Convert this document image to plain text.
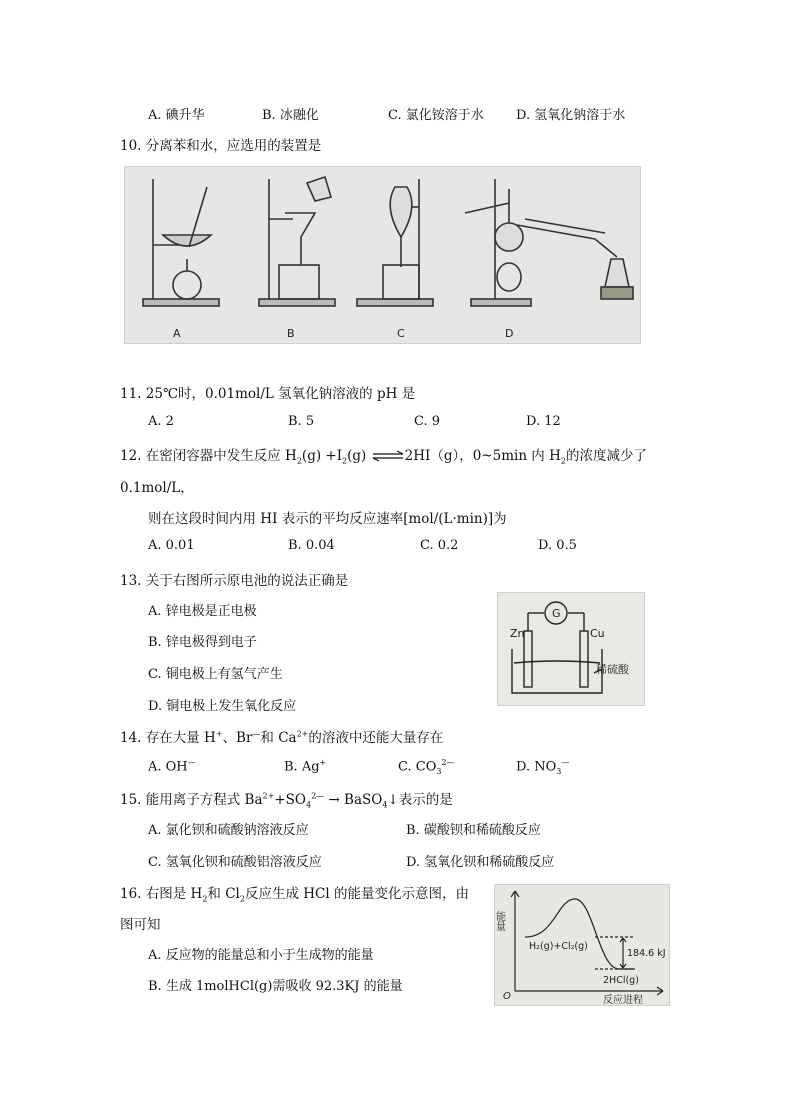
A. 碘升华	B. 冰融化	C. 氯化铵溶于水 D. 氢氧化钠溶于水
10. 分离苯和水，应选用的装置是
A	B	C	D
11. 25℃时，0.01mol/L 氢氧化钠溶液的 pH 是
A. 2	B. 5	C. 9	D. 12
12. 在密闭容器中发生反应 $H_2(g) +I_2(g)$ ⇌2HI（g），0~5min 内 $H_2$的浓度减少了
0.1mol/L，
则在这段时间内用 HI 表示的平均反应速率[mol/(L·min)]为
A. 0.01	B. 0.04	C. 0.2	D. 0.5
13. 关于右图所示原电池的说法正确是
A. 锌电极是正电极
B. 锌电极得到电子
C. 铜电极上有氢气产生
D. 铜电极上发生氧化反应
G
Zn	Cu
稀硫酸
14. 存在大量 H+、Br—和 $Ca^{2+}$的溶液中还能大量存在
A. OH—	B. Ag+	C. $CO_3^{2—}$	D. $NO_3^—$
15. 能用离子方程式 $Ba^{2+}+SO_4^{2—}$ → BaSO$_4$↓表示的是
A. 氯化钡和硫酸钠溶液反应	B. 碳酸钡和稀硫酸反应
C. 氢氧化钡和硫酸铝溶液反应	D. 氢氧化钡和稀硫酸反应
16. 右图是 $H_2$和 $Cl_2$反应生成 HCl 的能量变化示意图，由
图可知
A. 反应物的能量总和小于生成物的能量
B. 生成 1molHCl(g)需吸收 92.3KJ 的能量
能量
反应进程
O
H₂(g)+Cl₂(g)
2HCl(g)
184.6 kJ
